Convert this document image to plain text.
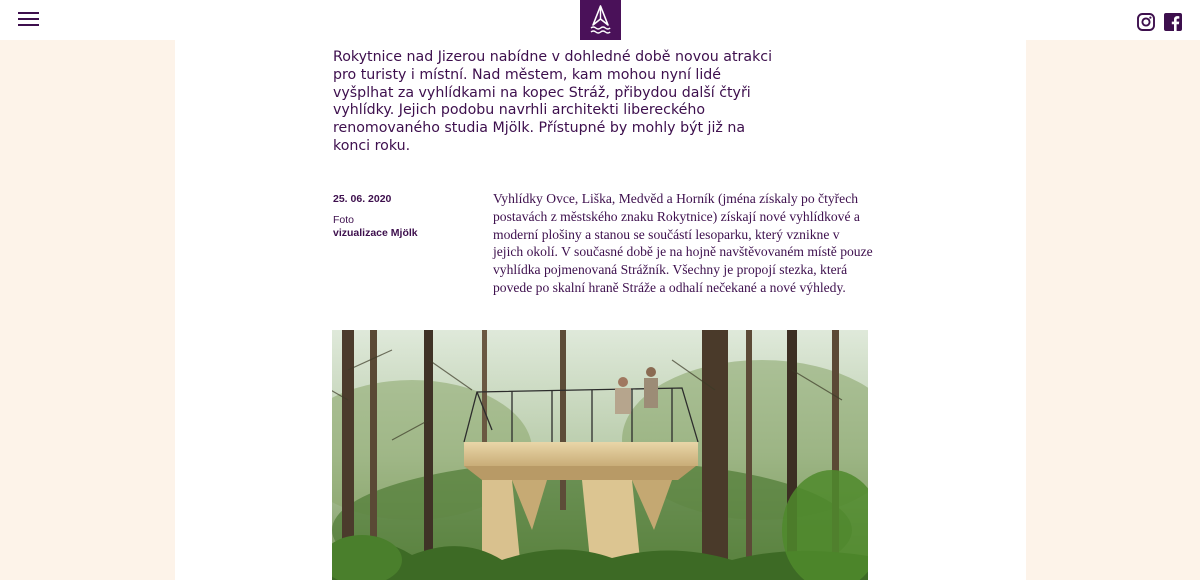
Rokytnice nad Jizerou nabídne v dohledné době novou atrakci pro turisty i místní. Nad městem, kam mohou nyní lidé vyšplhat za vyhlídkami na kopec Stráž, přibydou další čtyři vyhlídky. Jejich podobu navrhli architekti libereckého renomovaného studia Mjölk. Přístupné by mohly být již na konci roku.

25. 06. 2020
Foto
vizualizace Mjölk

Vyhlídky Ovce, Liška, Medvěd a Horník (jména získaly po čtyřech postavách z městského znaku Rokytnice) získají nové vyhlídkové a moderní plošiny a stanou se součástí lesoparku, který vznikne v jejich okolí. V současné době je na hojně navštěvovaném místě pouze vyhlídka pojmenovaná Strážník. Všechny je propojí stezka, která povede po skalní hraně Stráže a odhalí nečekané a nové výhledy.
